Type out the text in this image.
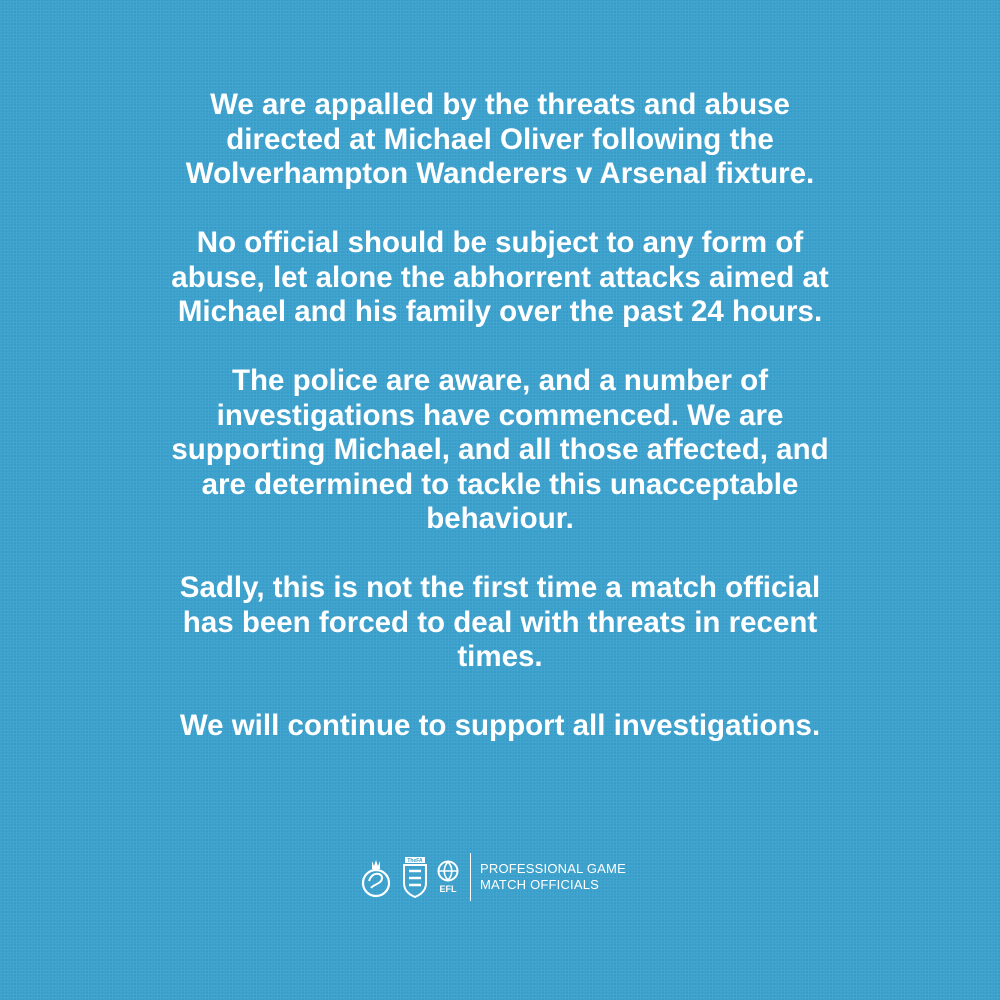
We are appalled by the threats and abuse
directed at Michael Oliver following the
Wolverhampton Wanderers v Arsenal fixture.

No official should be subject to any form of
abuse, let alone the abhorrent attacks aimed at
Michael and his family over the past 24 hours.

The police are aware, and a number of
investigations have commenced. We are
supporting Michael, and all those affected, and
are determined to tackle this unacceptable
behaviour.

Sadly, this is not the first time a match official
has been forced to deal with threats in recent
times.

We will continue to support all investigations.

TheFA
EFL
PROFESSIONAL GAME
MATCH OFFICIALS
